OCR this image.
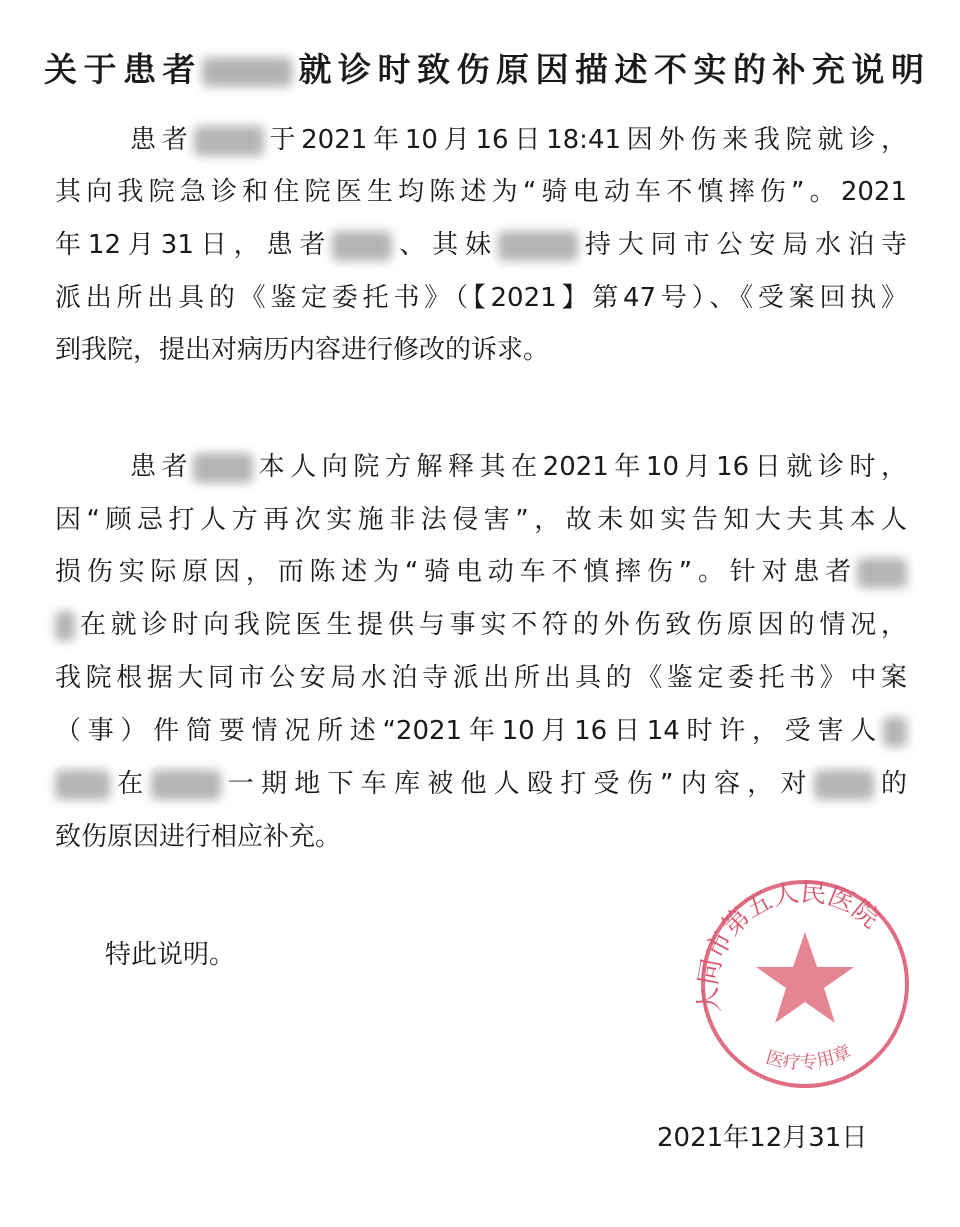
关于患者	就诊时致伤原因描述不实的补充说明
患者	于2021年10月16日18:41因外伤来我院就诊，
其向我院急诊和住院医生均陈述为“骑电动车不慎摔伤”。2021
年12月31日，患者 、其妹	持大同市公安局水泊寺
派出所出具的《鉴定委托书》（【2021】第47号）、《受案回执》
到我院，提出对病历内容进行修改的诉求。
患者 本人向院方解释其在2021年10月16日就诊时，
因“顾忌打人方再次实施非法侵害”，故未如实告知大夫其本人
损伤实际原因，而陈述为“骑电动车不慎摔伤”。针对患者
在就诊时向我院医生提供与事实不符的外伤致伤原因的情况，
我院根据大同市公安局水泊寺派出所出具的《鉴定委托书》中案
（事）件简要情况所述“2021年10月16日14时许，受害人
在	一期地下车库被他人殴打受伤”内容，对 的
致伤原因进行相应补充。
特此说明。
大同市第五人民医院
医疗专用章
2021年12月31日
